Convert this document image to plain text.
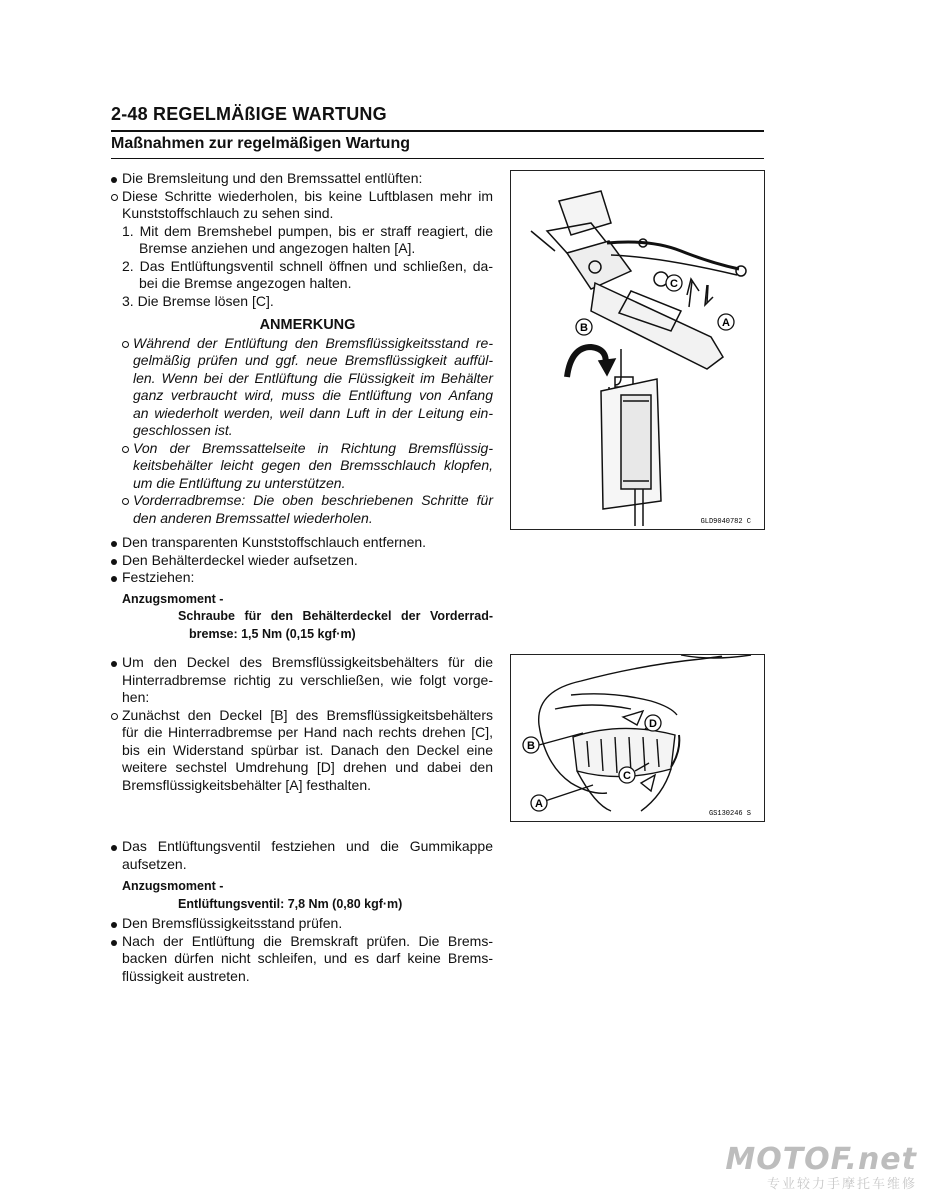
2-48 REGELMÄßIGE WARTUNG
Maßnahmen zur regelmäßigen Wartung
Die Bremsleitung und den Bremssattel entlüften:
Diese Schritte wiederholen, bis keine Luftblasen mehr im
Kunststoffschlauch zu sehen sind.
1. Mit dem Bremshebel pumpen, bis er straff reagiert, die
Bremse anziehen und angezogen halten [A].
2. Das Entlüftungsventil schnell öffnen und schließen, da-
bei die Bremse angezogen halten.
3. Die Bremse lösen [C].
ANMERKUNG
Während der Entlüftung den Bremsflüssigkeitsstand re-
gelmäßig prüfen und ggf. neue Bremsflüssigkeit auffül-
len. Wenn bei der Entlüftung die Flüssigkeit im Behälter
ganz verbraucht wird, muss die Entlüftung von Anfang
an wiederholt werden, weil dann Luft in der Leitung ein-
geschlossen ist.
Von der Bremssattelseite in Richtung Bremsflüssig-
keitsbehälter leicht gegen den Bremsschlauch klopfen,
um die Entlüftung zu unterstützen.
Vorderradbremse: Die oben beschriebenen Schritte für
den anderen Bremssattel wiederholen.
Den transparenten Kunststoffschlauch entfernen.
Den Behälterdeckel wieder aufsetzen.
Festziehen:
Anzugsmoment -
Schraube für den Behälterdeckel der Vorderrad-
bremse: 1,5 Nm (0,15 kgf·m)
Um den Deckel des Bremsflüssigkeitsbehälters für die
Hinterradbremse richtig zu verschließen, wie folgt vorge-
hen:
Zunächst den Deckel [B] des Bremsflüssigkeitsbehälters
für die Hinterradbremse per Hand nach rechts drehen [C],
bis ein Widerstand spürbar ist. Danach den Deckel eine
weitere sechstel Umdrehung [D] drehen und dabei den
Bremsflüssigkeitsbehälter [A] festhalten.
Das Entlüftungsventil festziehen und die Gummikappe
aufsetzen.
Anzugsmoment -
Entlüftungsventil: 7,8 Nm (0,80 kgf·m)
Den Bremsflüssigkeitsstand prüfen.
Nach der Entlüftung die Bremskraft prüfen. Die Brems-
backen dürfen nicht schleifen, und es darf keine Brems-
flüssigkeit austreten.
C
A
B
GLD9040782 C
B
A
C
D
GS130246 S
MOTOF.net
专业较力手摩托车维修
